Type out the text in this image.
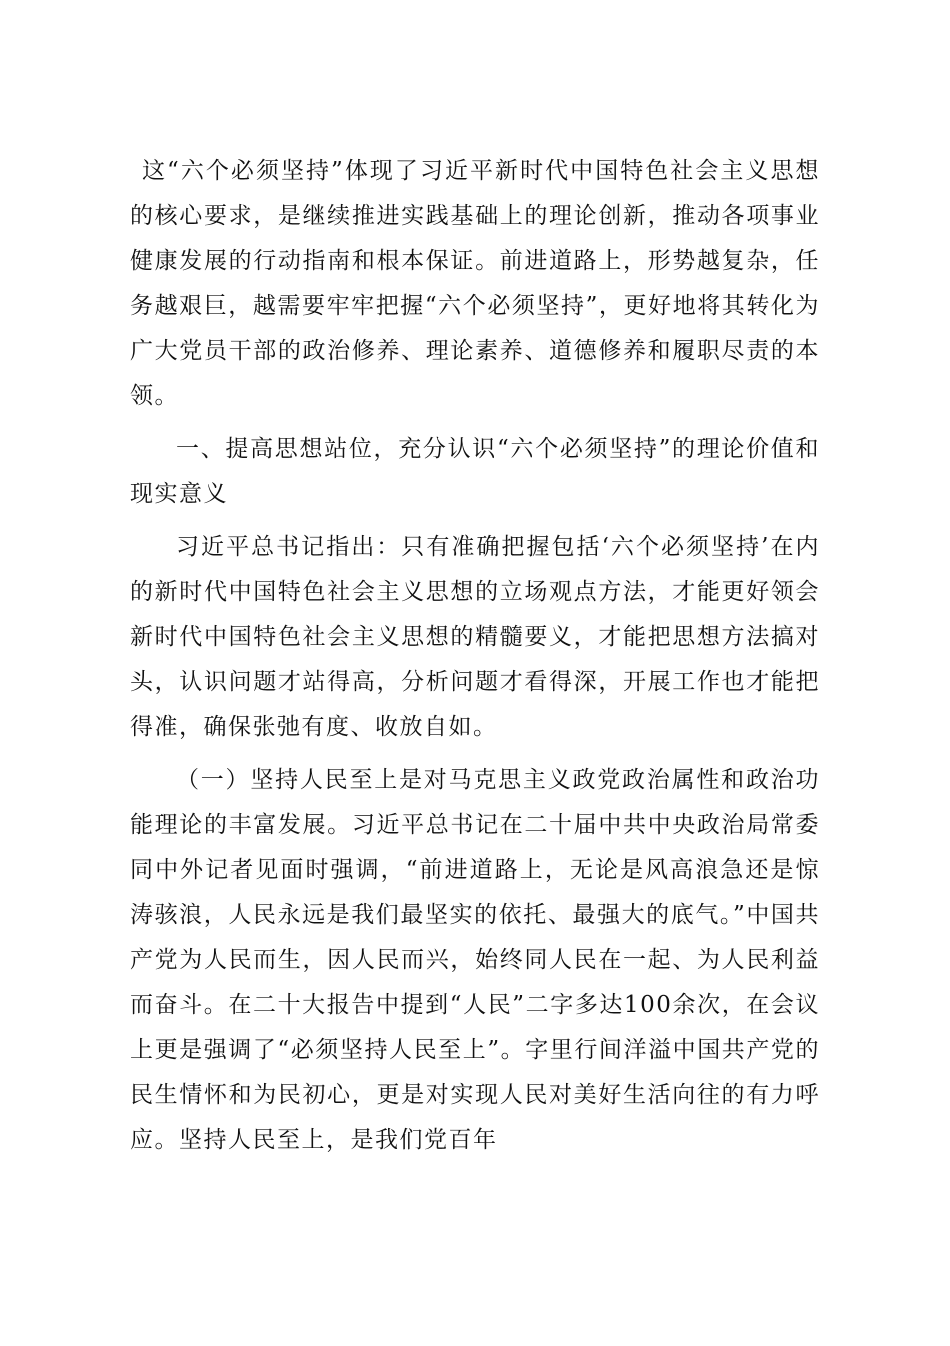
这“六个必须坚持”体现了习近平新时代中国特色社会主义思想的核心要求，是继续推进实践基础上的理论创新，推动各项事业健康发展的行动指南和根本保证。前进道路上，形势越复杂，任务越艰巨，越需要牢牢把握“六个必须坚持”，更好地将其转化为广大党员干部的政治修养、理论素养、道德修养和履职尽责的本领。

一、提高思想站位，充分认识“六个必须坚持”的理论价值和现实意义

习近平总书记指出：只有准确把握包括‘六个必须坚持’在内的新时代中国特色社会主义思想的立场观点方法，才能更好领会新时代中国特色社会主义思想的精髓要义，才能把思想方法搞对头，认识问题才站得高，分析问题才看得深，开展工作也才能把得准，确保张弛有度、收放自如。

（一）坚持人民至上是对马克思主义政党政治属性和政治功能理论的丰富发展。习近平总书记在二十届中共中央政治局常委同中外记者见面时强调，“前进道路上，无论是风高浪急还是惊涛骇浪，人民永远是我们最坚实的依托、最强大的底气。”中国共产党为人民而生，因人民而兴，始终同人民在一起、为人民利益而奋斗。在二十大报告中提到“人民”二字多达100余次，在会议上更是强调了“必须坚持人民至上”。字里行间洋溢中国共产党的民生情怀和为民初心，更是对实现人民对美好生活向往的有力呼应。坚持人民至上，是我们党百年
